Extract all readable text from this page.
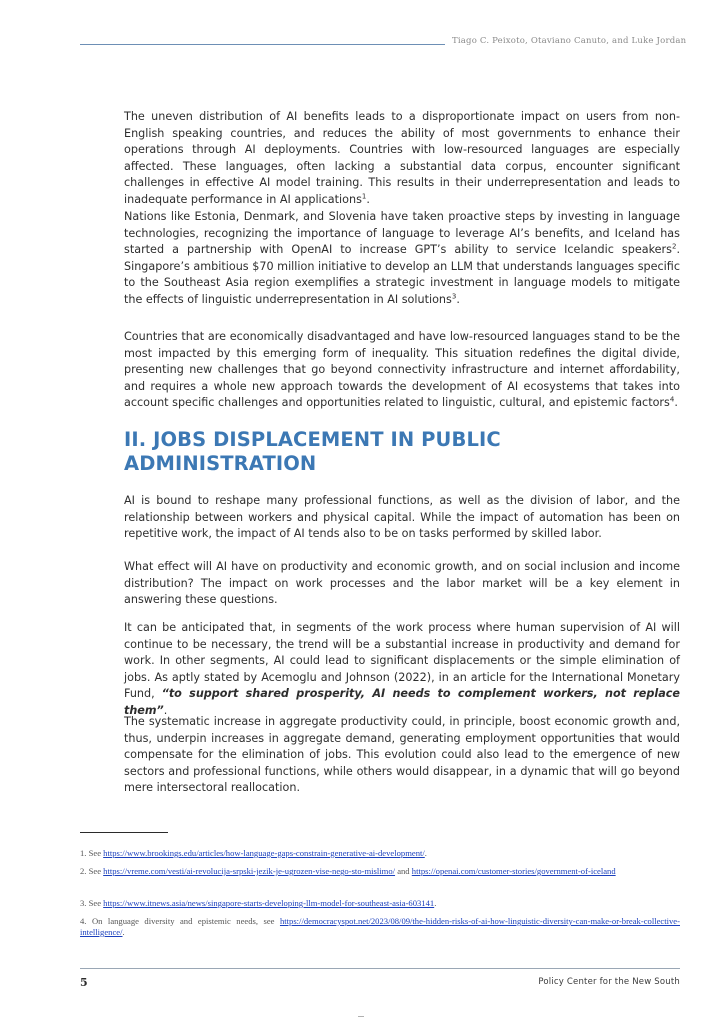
Tiago C. Peixoto, Otaviano Canuto, and Luke Jordan

The uneven distribution of AI benefits leads to a disproportionate impact on users from non-English speaking countries, and reduces the ability of most governments to enhance their operations through AI deployments. Countries with low-resourced languages are especially affected. These languages, often lacking a substantial data corpus, encounter significant challenges in effective AI model training. This results in their underrepresentation and leads to inadequate performance in AI applications$^1$.

Nations like Estonia, Denmark, and Slovenia have taken proactive steps by investing in language technologies, recognizing the importance of language to leverage AI’s benefits, and Iceland has started a partnership with OpenAI to increase GPT’s ability to service Icelandic speakers$^2$. Singapore’s ambitious $70 million initiative to develop an LLM that understands languages specific to the Southeast Asia region exemplifies a strategic investment in language models to mitigate the effects of linguistic underrepresentation in AI solutions$^3$.

Countries that are economically disadvantaged and have low-resourced languages stand to be the most impacted by this emerging form of inequality. This situation redefines the digital divide, presenting new challenges that go beyond connectivity infrastructure and internet affordability, and requires a whole new approach towards the development of AI ecosystems that takes into account specific challenges and opportunities related to linguistic, cultural, and epistemic factors$^4$.

II. JOBS DISPLACEMENT IN PUBLIC ADMINISTRATION

AI is bound to reshape many professional functions, as well as the division of labor, and the relationship between workers and physical capital. While the impact of automation has been on repetitive work, the impact of AI tends also to be on tasks performed by skilled labor.

What effect will AI have on productivity and economic growth, and on social inclusion and income distribution? The impact on work processes and the labor market will be a key element in answering these questions.

It can be anticipated that, in segments of the work process where human supervision of AI will continue to be necessary, the trend will be a substantial increase in productivity and demand for work. In other segments, AI could lead to significant displacements or the simple elimination of jobs. As aptly stated by Acemoglu and Johnson (2022), in an article for the International Monetary Fund, “to support shared prosperity, AI needs to complement workers, not replace them”.

The systematic increase in aggregate productivity could, in principle, boost economic growth and, thus, underpin increases in aggregate demand, generating employment opportunities that would compensate for the elimination of jobs. This evolution could also lead to the emergence of new sectors and professional functions, while others would disappear, in a dynamic that will go beyond mere intersectoral reallocation.

1. See https://www.brookings.edu/articles/how-language-gaps-constrain-generative-ai-development/.

2. See https://vreme.com/vesti/ai-revolucija-srpski-jezik-je-ugrozen-vise-nego-sto-mislimo/ and https://openai.com/customer-stories/government-of-iceland

3. See https://www.itnews.asia/news/singapore-starts-developing-llm-model-for-southeast-asia-603141.

4. On language diversity and epistemic needs, see https://democracyspot.net/2023/08/09/the-hidden-risks-of-ai-how-linguistic-diversity-can-make-or-break-collective-intelligence/.

5	Policy Center for the New South
